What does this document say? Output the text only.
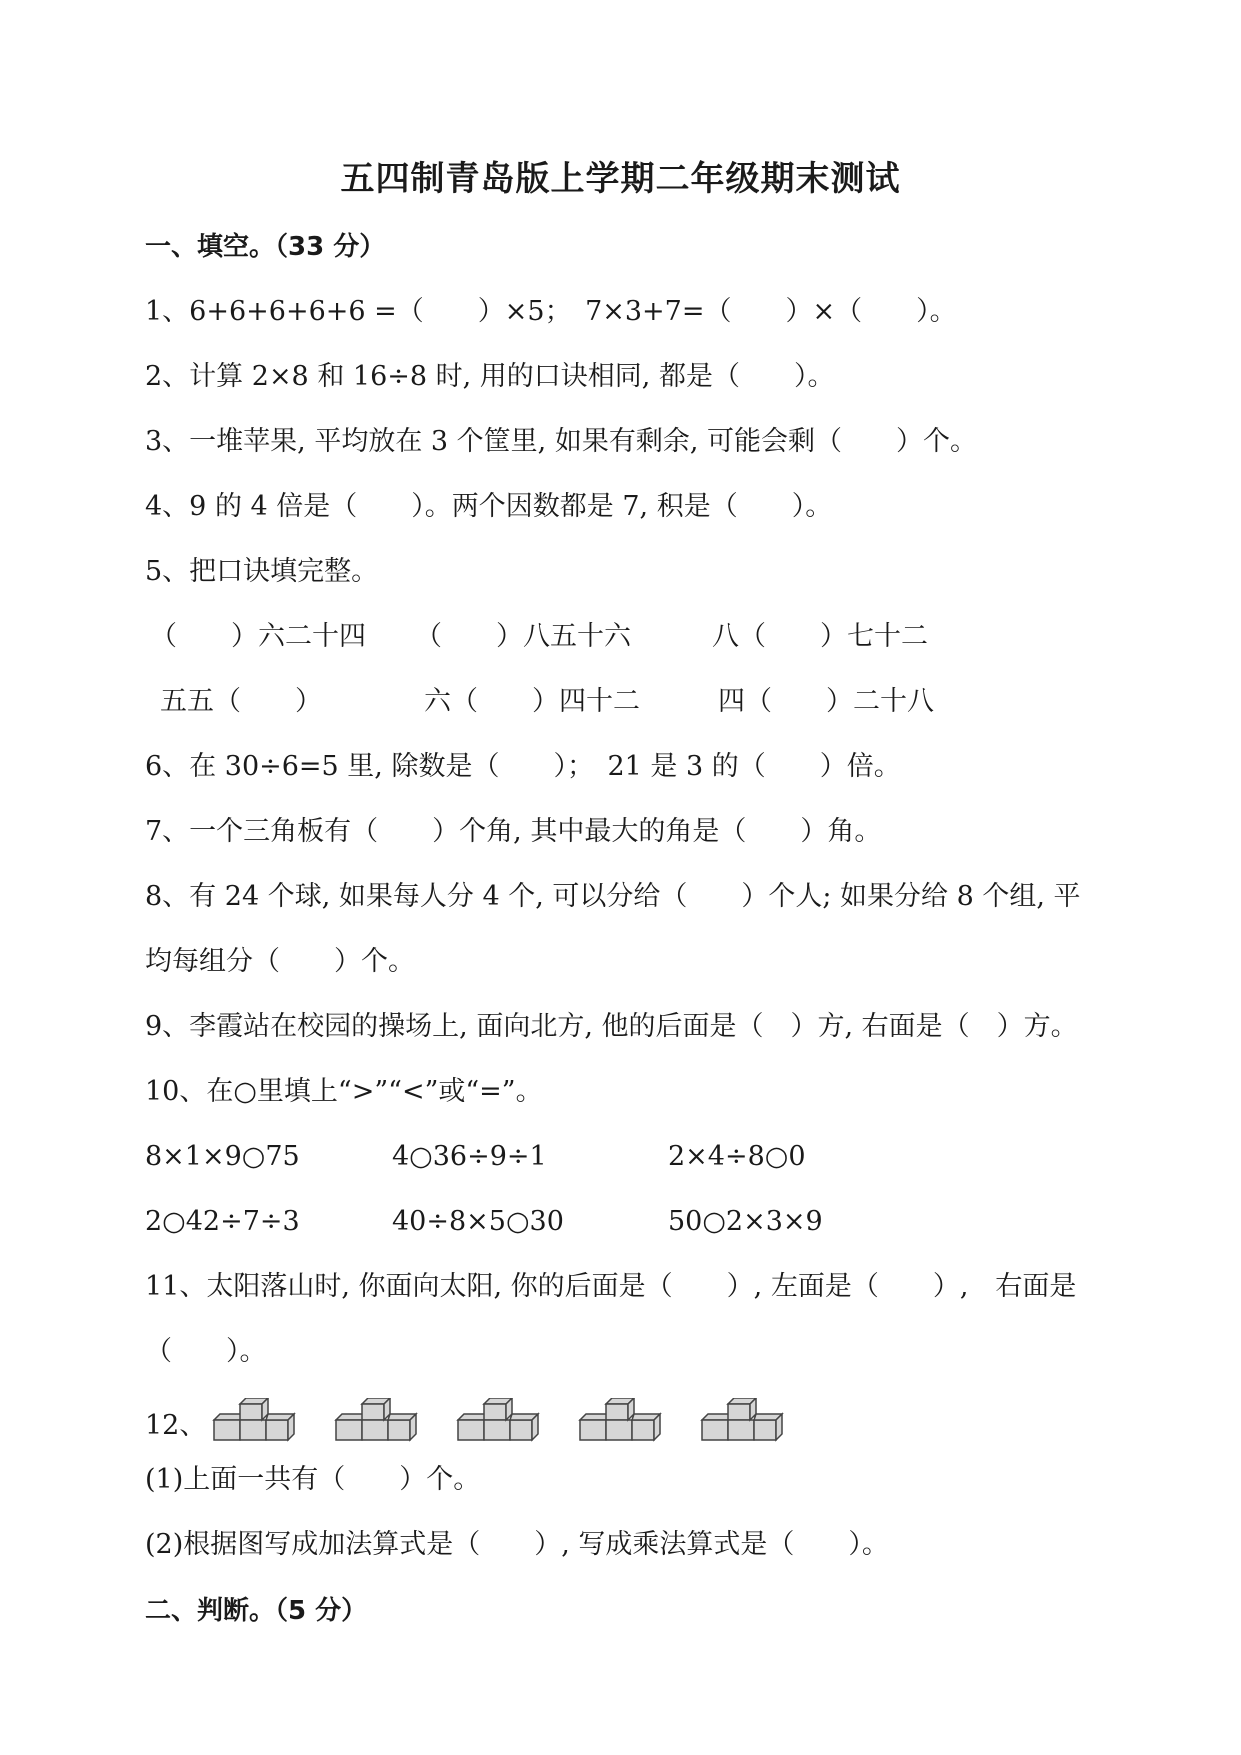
五四制青岛版上学期二年级期末测试
一、填空。（33 分）
1、6+6+6+6+6 =（　　）×5；　7×3+7=（　　）×（　　）。
2、计算 2×8 和 16÷8 时, 用的口诀相同, 都是（　　）。
3、一堆苹果, 平均放在 3 个筐里, 如果有剩余, 可能会剩（　　）个。
4、9 的 4 倍是（　　）。两个因数都是 7, 积是（　　）。
5、把口诀填完整。
（　　）六二十四 （　　）八五十六	八（　　）七十二
五五（　　）	六（　　）四十二	四（　　）二十八
6、在 30÷6=5 里, 除数是（　　）；　21 是 3 的（　　）倍。
7、一个三角板有（　　）个角, 其中最大的角是（　　）角。
8、有 24 个球, 如果每人分 4 个, 可以分给（　　）个人; 如果分给 8 个组, 平
均每组分（　　）个。
9、李霞站在校园的操场上, 面向北方, 他的后面是（　）方, 右面是（　）方。
10、在○里填上“>”“<”或“=”。
8×1×9○75	4○36÷9÷1	2×4÷8○0
2○42÷7÷3	40÷8×5○30	50○2×3×9
11、太阳落山时, 你面向太阳, 你的后面是（　　）, 左面是（　　）,　右面是
（　　）。
12、
(1)上面一共有（　　）个。
(2)根据图写成加法算式是（　　）, 写成乘法算式是（　　）。
二、判断。（5 分）
